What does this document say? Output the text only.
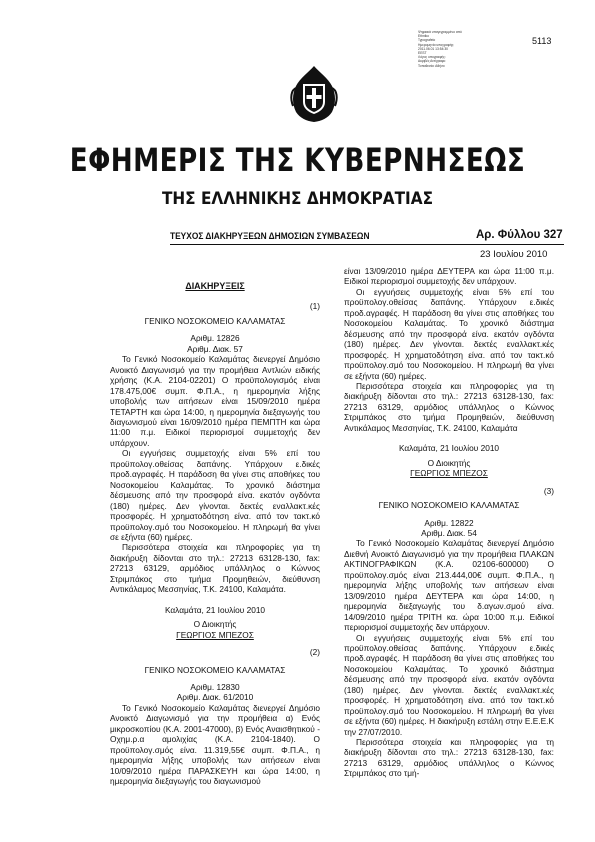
Ψηφιακά υπογεγραμμένο από
Ethniko
Typografeio
Ημερομηνία υπογραφής:
2011.06.01 13:54:30
EEST
Λόγος υπογραφής:
Ακριβές Αντίγραφο
Τοποθεσία: Αθήνα
5113
ΕΦΗΜΕΡΙΣ ΤΗΣ ΚΥΒΕΡΝΗΣΕΩΣ
ΤΗΣ ΕΛΛΗΝΙΚΗΣ ΔΗΜΟΚΡΑΤΙΑΣ
ΤΕΥΧΟΣ ΔΙΑΚΗΡΥΞΕΩΝ ΔΗΜΟΣΙΩΝ ΣΥΜΒΑΣΕΩΝ	Αρ. Φύλλου 327
23 Ιουλίου 2010

ΔΙΑΚΗΡΥΞΕΙΣ

(1)

ΓΕΝΙΚΟ ΝΟΣΟΚΟΜΕΙΟ ΚΑΛΑΜΑΤΑΣ

Αριθμ. 12826

Αριθμ. Διακ. 57

Το Γενικό Νοσοκομείο Καλαμάτας διενεργεί Δημόσιο Ανοικτό Διαγωνισμό για την προμήθεια Αντλιών ειδικής χρήσης (Κ.Α. 2104-02201) Ο προϋπολογισμός είναι 178.475,00€ συμπ. Φ.Π.Α., η ημερομηνία λήξης υποβολής των αιτήσεων είναι 15/09/2010 ημέρα ΤΕΤΑΡΤΗ και ώρα 14:00, η ημερομηνία διεξαγωγής του διαγωνισμού είναι 16/09/2010 ημέρα ΠΕΜΠΤΗ και ώρα 11:00 π.μ. Ειδικοί περιορισμοί συμμετοχής δεν υπάρχουν.

Οι εγγυήσεις συμμετοχής είναι 5% επί του προϋπολογ.οθείσας δαπάνης. Υπάρχουν ε.δικές προδ.αγραφές. Η παράδοση θα γίνει στις αποθήκες του Νοσοκομείου Καλαμάτας. Το χρονικό διάστημα δέσμευσης από την προσφορά είνα. εκατόν ογδόντα (180) ημέρες. Δεν γίνονται. δεκτές εναλλακτ.κές προσφορές. Η χρηματοδότηση είνα. από τον τακτ.κό προϋπολογ.σμό του Νοσοκομείου. Η πληρωμή θα γίνει σε εξήντα (60) ημέρες.

Περισσότερα στοιχεία και πληροφορίες για τη διακήρυξη δίδονται στο τηλ.: 27213 63128-130, fax: 27213 63129, αρμόδιος υπάλληλος ο Κώννος Στριμπάκος στο τμήμα Προμηθειών, διεύθυνση Αντικάλαμος Μεσσηνίας, Τ.Κ. 24100, Καλαμάτα.

Καλαμάτα, 21 Ιουλίου 2010

Ο Διοικητής

ΓΕΩΡΓΙΟΣ ΜΠΕΖΟΣ

(2)

ΓΕΝΙΚΟ ΝΟΣΟΚΟΜΕΙΟ ΚΑΛΑΜΑΤΑΣ

Αριθμ. 12830

Αριθμ. Διακ. 61/2010

Το Γενικό Νοσοκομείο Καλαμάτας διενεργεί Δημόσιο Ανοικτό Διαγωνισμό για την προμήθεια α) Ενός μικροσκοπίου (Κ.Α. 2001-47000), β) Ενός Αναισθητικού - Οχημ.ρ.α αμολιχίας (Κ.Α. 2104-1840). Ο προϋπολογ.σμός είνα. 11.319,55€ συμπ. Φ.Π.Α., η ημερομηνία λήξης υποβολής των αιτήσεων είναι 10/09/2010 ημέρα ΠΑΡΑΣΚΕΥΗ και ώρα 14:00, η ημερομηνία διεξαγωγής του διαγωνισμού

είναι 13/09/2010 ημέρα ΔΕΥΤΕΡΑ και ώρα 11:00 π.μ. Ειδικοί περιορισμοί συμμετοχής δεν υπάρχουν.

Οι εγγυήσεις συμμετοχής είναι 5% επί του προϋπολογ.οθείσας δαπάνης. Υπάρχουν ε.δικές προδ.αγραφές. Η παράδοση θα γίνει στις αποθήκες του Νοσοκομείου Καλαμάτας. Το χρονικό διάστημα δέσμευσης από την προσφορά είνα. εκατόν ογδόντα (180) ημέρες. Δεν γίνονται. δεκτές εναλλακτ.κές προσφορές. Η χρηματοδότηση είνα. από τον τακτ.κό προϋπολογ.σμό του Νοσοκομείου. Η πληρωμή θα γίνει σε εξήντα (60) ημέρες.

Περισσότερα στοιχεία και πληροφορίες για τη διακήρυξη δίδονται στο τηλ.: 27213 63128-130, fax: 27213 63129, αρμόδιος υπάλληλος ο Κώννος Στριμπάκος στο τμήμα Προμηθειών, διεύθυνση Αντικάλαμος Μεσσηνίας, Τ.Κ. 24100, Καλαμάτα

Καλαμάτα, 21 Ιουλίου 2010

Ο Διοικητής

ΓΕΩΡΓΙΟΣ ΜΠΕΖΟΣ

(3)

ΓΕΝΙΚΟ ΝΟΣΟΚΟΜΕΙΟ ΚΑΛΑΜΑΤΑΣ

Αριθμ. 12822

Αριθμ. Διακ. 54

Το Γενικό Νοσοκομείο Καλαμάτας διενεργεί Δημόσιο Διεθνή Ανοικτό Διαγωνισμό για την προμήθεια ΠΛΑΚΩΝ ΑΚΤΙΝΟΓΡΑΦΙΚΩΝ (Κ.Α. 02106-600000) Ο προϋπολογ.σμός είναι 213.444,00€ συμπ. Φ.Π.Α., η ημερομηνία λήξης υποβολής των αιτήσεων είναι 13/09/2010 ημέρα ΔΕΥΤΕΡΑ και ώρα 14:00, η ημερομηνία διεξαγωγής του δ.αγων.σμού είνα. 14/09/2010 ημέρα ΤΡΙΤΗ κα. ώρα 10:00 π.μ. Ειδικοί περιορισμοί συμμετοχής δεν υπάρχουν.

Οι εγγυήσεις συμμετοχής είναι 5% επί του προϋπολογ.οθείσας δαπάνης. Υπάρχουν ε.δικές προδ.αγραφές. Η παράδοση θα γίνει στις αποθήκες του Νοσοκομείου Καλαμάτας. Το χρονικό διάστημα δέσμευσης από την προσφορά είνα. εκατόν ογδόντα (180) ημέρες. Δεν γίνονται. δεκτές εναλλακτ.κές προσφορές. Η χρηματοδότηση είνα. από τον τακτ.κό προϋπολογ.σμό του Νοσοκομείου. Η πληρωμή θα γίνει σε εξήντα (60) ημέρες. Η διακήρυξη εστάλη στην Ε.Ε.Ε.Κ την 27/07/2010.

Περισσότερα στοιχεία και πληροφορίες για τη διακήρυξη δίδονται στο τηλ.: 27213 63128-130, fax: 27213 63129, αρμόδιος υπάλληλος ο Κώννος Στριμπάκος στο τμή-
